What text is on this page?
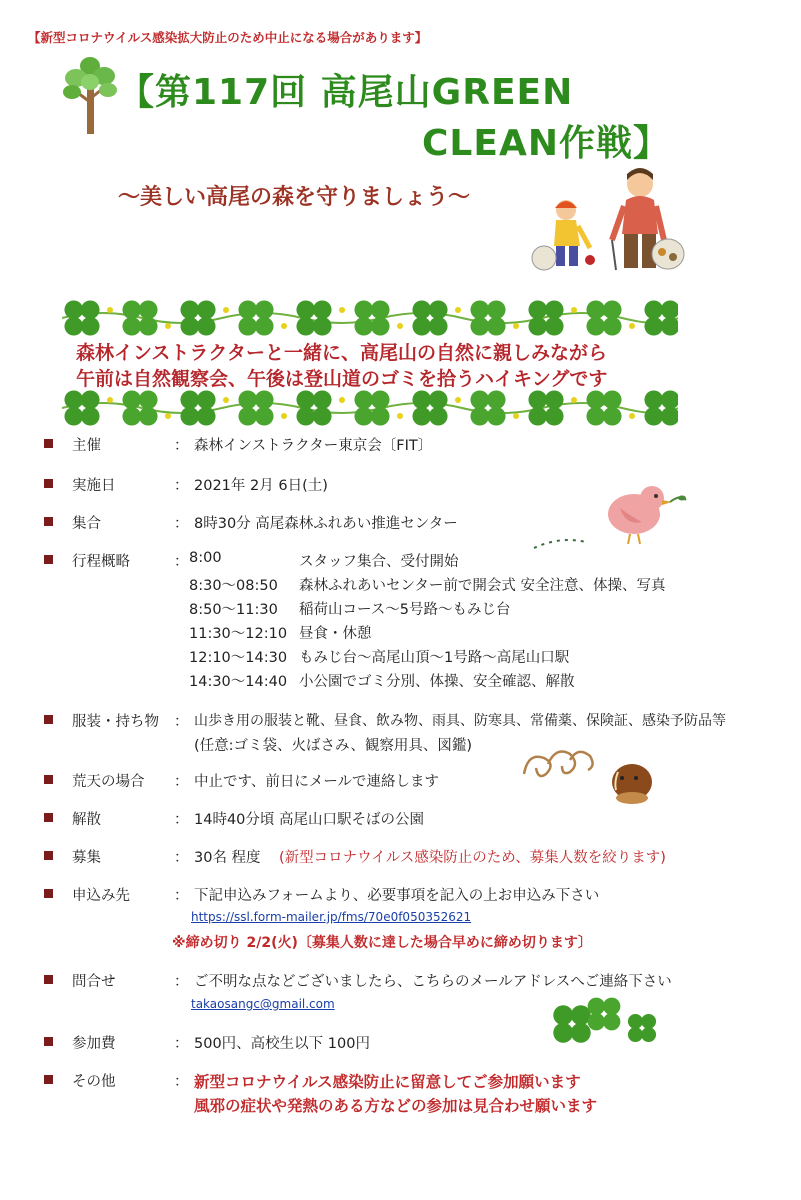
【新型コロナウイルス感染拡大防止のため中止になる場合があります】
【第117回 高尾山GREEN
CLEAN作戦】
～美しい高尾の森を守りましょう～
森林インストラクターと一緒に、高尾山の自然に親しみながら
午前は自然観察会、午後は登山道のゴミを拾うハイキングです
主催	： 森林インストラクター東京会〔FIT〕
実施日	： 2021年 2月 6日(土)
集合	： 8時30分 高尾森林ふれあい推進センター
行程概略	： 8:00	スタッフ集合、受付開始
8:30～08:50 森林ふれあいセンター前で開会式 安全注意、体操、写真
8:50～11:30 稲荷山コース～5号路～もみじ台
11:30～12:10 昼食・休憩
12:10～14:30 もみじ台～高尾山頂～1号路～高尾山口駅
14:30～14:40 小公園でゴミ分別、体操、安全確認、解散
服装・持ち物 ： 山歩き用の服装と靴、昼食、飲み物、雨具、防寒具、常備薬、保険証、感染予防品等
(任意:ゴミ袋、火ばさみ、観察用具、図鑑)
荒天の場合 ： 中止です、前日にメールで連絡します
解散	： 14時40分頃 高尾山口駅そばの公園
募集	： 30名 程度 (新型コロナウイルス感染防止のため、募集人数を絞ります)
申込み先	： 下記申込みフォームより、必要事項を記入の上お申込み下さい
https://ssl.form-mailer.jp/fms/70e0f050352621
※締め切り 2/2(火)〔募集人数に達した場合早めに締め切ります〕
問合せ	： ご不明な点などございましたら、こちらのメールアドレスへご連絡下さい
takaosangc@gmail.com
参加費	： 500円、高校生以下 100円
その他	： 新型コロナウイルス感染防止に留意してご参加願います
風邪の症状や発熱のある方などの参加は見合わせ願います
